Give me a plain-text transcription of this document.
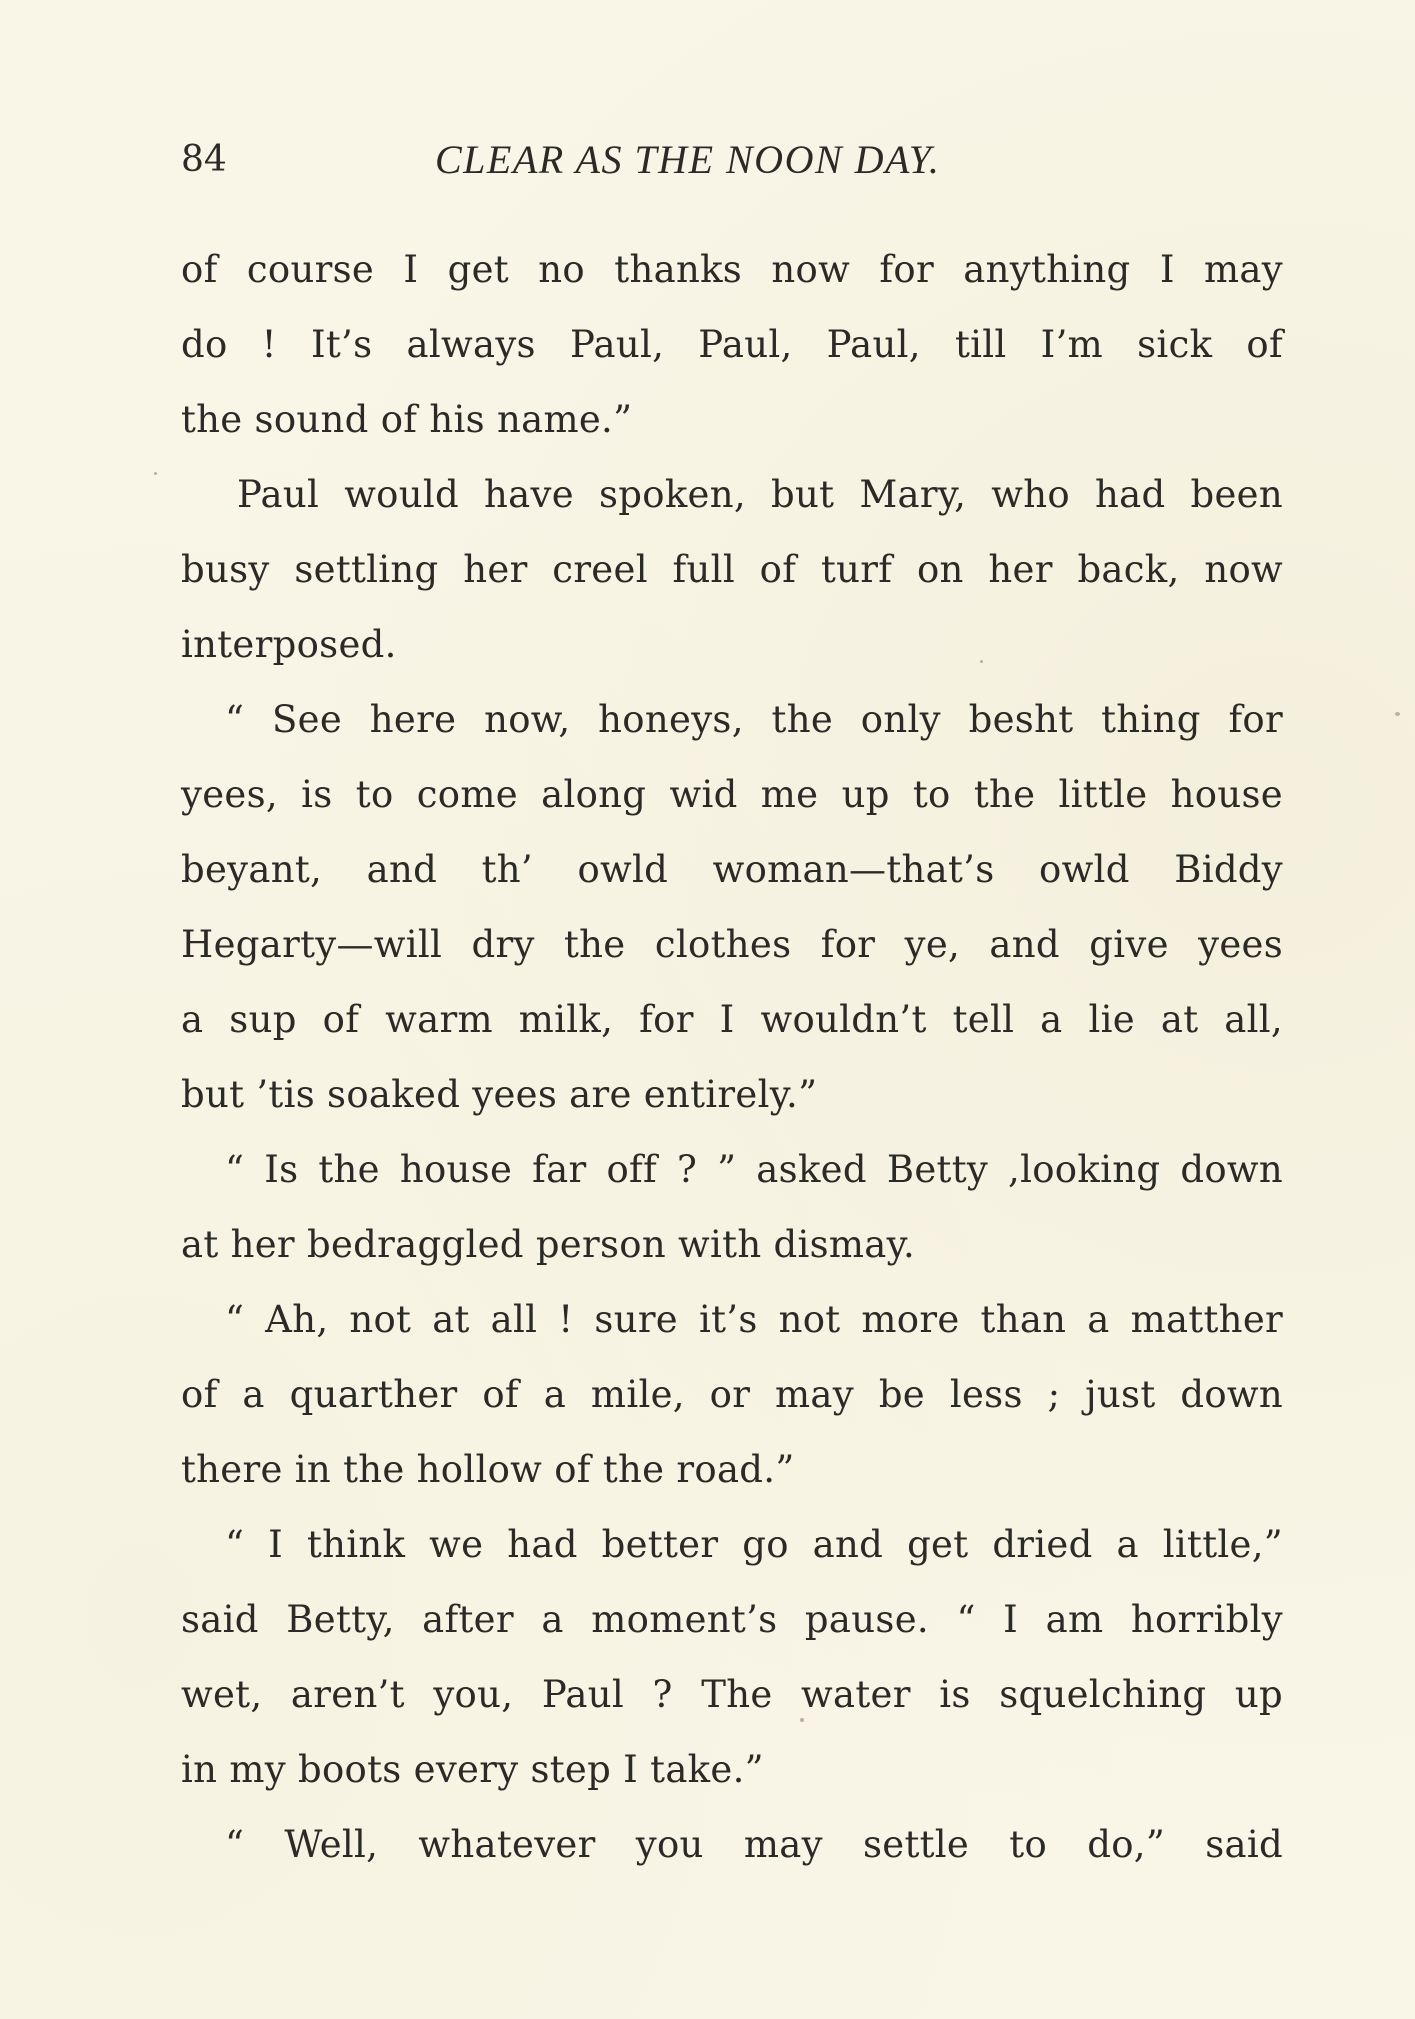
84	CLEAR AS THE NOON DAY.
of course I get no thanks now for anything I may
do ! It’s always Paul, Paul, Paul, till I’m sick of
the sound of his name.”
Paul would have spoken, but Mary, who had been
busy settling her creel full of turf on her back, now
interposed.
“ See here now, honeys, the only besht thing for
yees, is to come along wid me up to the little house
beyant, and th’ owld woman—that’s owld Biddy
Hegarty—will dry the clothes for ye, and give yees
a sup of warm milk, for I wouldn’t tell a lie at all,
but ’tis soaked yees are entirely.”
“ Is the house far off ? ” asked Betty ,looking down
at her bedraggled person with dismay.
“ Ah, not at all ! sure it’s not more than a matther
of a quarther of a mile, or may be less ; just down
there in the hollow of the road.”
“ I think we had better go and get dried a little,”
said Betty, after a moment’s pause. “ I am horribly
wet, aren’t you, Paul ? The water is squelching up
in my boots every step I take.”
“ Well, whatever you may settle to do,” said
